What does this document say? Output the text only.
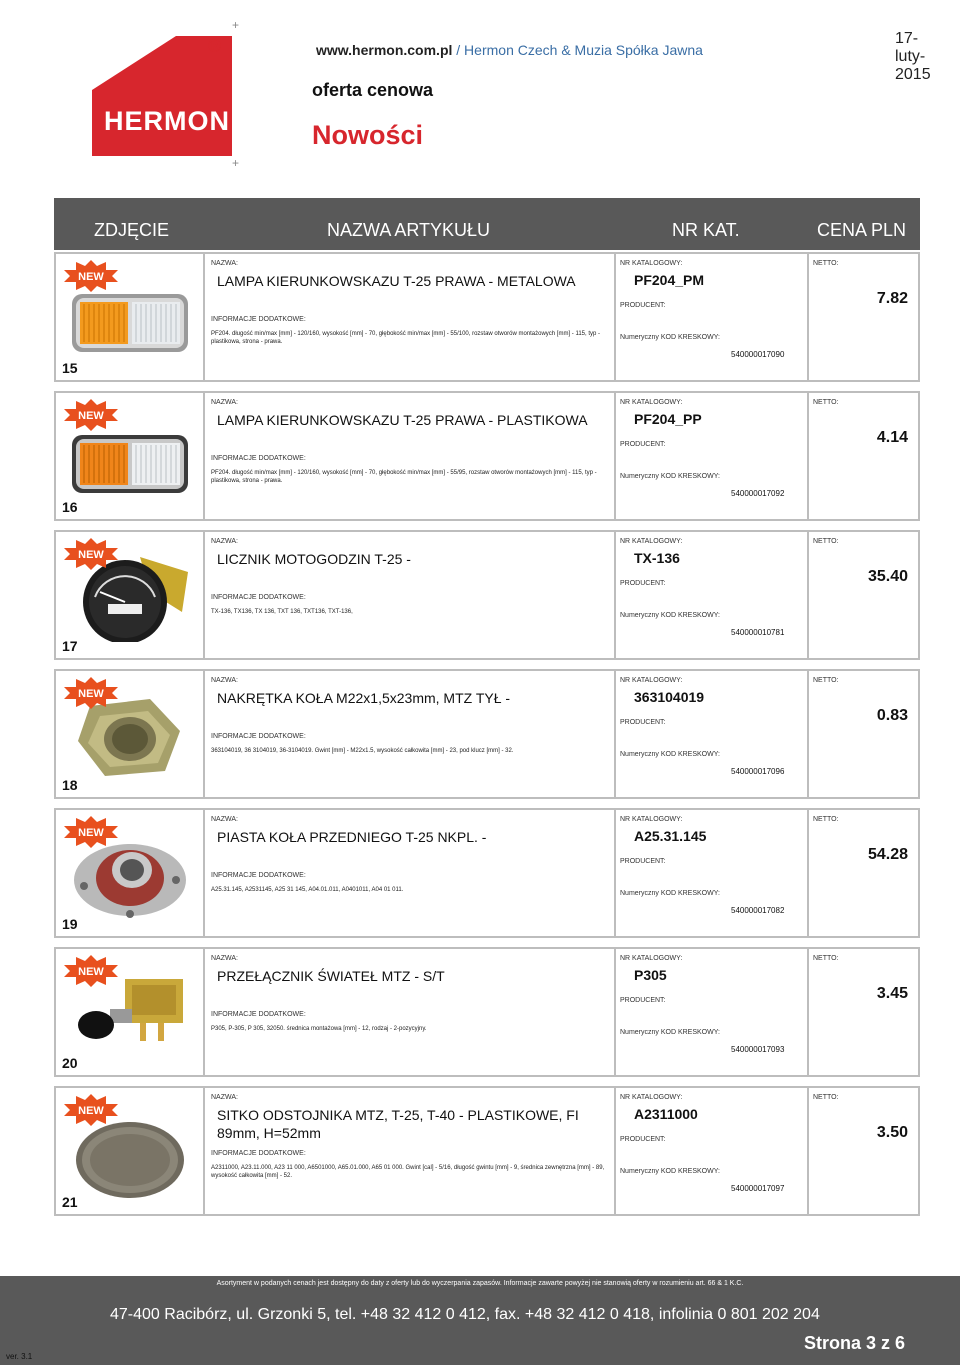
+
+
HERMON
®	www.hermon.com.pl / Hermon Czech & Muzia Spółka Jawna
17-luty-2015
oferta cenowa
Nowości
ZDJĘCIE	NAZWA ARTYKUŁU	NR KAT.	CENA PLN
NEW
15
NAZWA:
LAMPA KIERUNKOWSKAZU T-25 PRAWA - METALOWA
INFORMACJE DODATKOWE:
PF204. długość min/max [mm] - 120/160, wysokość [mm] - 70, głębokość min/max [mm] - 55/100, rozstaw otworów montażowych [mm] - 115, typ - plastikowa, strona - prawa.
NR KATALOGOWY:
PF204_PM
PRODUCENT:
Numeryczny KOD KRESKOWY:
540000017090
NETTO:
7.82
NEW
16
NAZWA:
LAMPA KIERUNKOWSKAZU T-25 PRAWA - PLASTIKOWA
INFORMACJE DODATKOWE:
PF204. długość min/max [mm] - 120/160, wysokość [mm] - 70, głębokość min/max [mm] - 55/95, rozstaw otworów montażowych [mm] - 115, typ - plastikowa, strona - prawa.
NR KATALOGOWY:
PF204_PP
PRODUCENT:
Numeryczny KOD KRESKOWY:
540000017092
NETTO:
4.14
NEW
17
NAZWA:
LICZNIK MOTOGODZIN T-25 -
INFORMACJE DODATKOWE:
TX-136, TX136, TX 136, TXT 136, TXT136, TXT-136,
NR KATALOGOWY:
TX-136
PRODUCENT:
Numeryczny KOD KRESKOWY:
540000010781
NETTO:
35.40
NEW
18
NAZWA:
NAKRĘTKA KOŁA M22x1,5x23mm, MTZ TYŁ -
INFORMACJE DODATKOWE:
363104019, 36 3104019, 36-3104019. Gwint [mm] - M22x1.5, wysokość całkowita [mm] - 23, pod klucz [mm] - 32.
NR KATALOGOWY:
363104019
PRODUCENT:
Numeryczny KOD KRESKOWY:
540000017096
NETTO:
0.83
NEW
19
NAZWA:
PIASTA KOŁA PRZEDNIEGO T-25 NKPL. -
INFORMACJE DODATKOWE:
A25.31.145, A2531145, A25 31 145, A04.01.011, A0401011, A04 01 011.
NR KATALOGOWY:
A25.31.145
PRODUCENT:
Numeryczny KOD KRESKOWY:
540000017082
NETTO:
54.28
NEW
20
NAZWA:
PRZEŁĄCZNIK ŚWIATEŁ MTZ - S/T
INFORMACJE DODATKOWE:
P305, P-305, P 305, 32050. średnica montażowa [mm] - 12, rodzaj - 2-pozycyjny.
NR KATALOGOWY:
P305
PRODUCENT:
Numeryczny KOD KRESKOWY:
540000017093
NETTO:
3.45
NEW
21
NAZWA:
SITKO ODSTOJNIKA MTZ, T-25, T-40 - PLASTIKOWE, FI 89mm, H=52mm
INFORMACJE DODATKOWE:
A2311000, A23.11.000, A23 11 000, A6501000, A65.01.000, A65 01 000. Gwint [cal] - 5/16, długość gwintu [mm] - 9, średnica zewnętrzna [mm] - 89, wysokość całkowita [mm] - 52.
NR KATALOGOWY:
A2311000
PRODUCENT:
Numeryczny KOD KRESKOWY:
540000017097
NETTO:
3.50
Asortyment w podanych cenach jest dostępny do daty z oferty lub do wyczerpania zapasów. Informacje zawarte powyżej nie stanowią oferty w rozumieniu art. 66 & 1 K.C.
47-400 Racibórz, ul. Grzonki 5, tel. +48 32 412 0 412, fax. +48 32 412 0 418, infolinia 0 801 202 204
Strona 3 z 6
ver. 3.1
